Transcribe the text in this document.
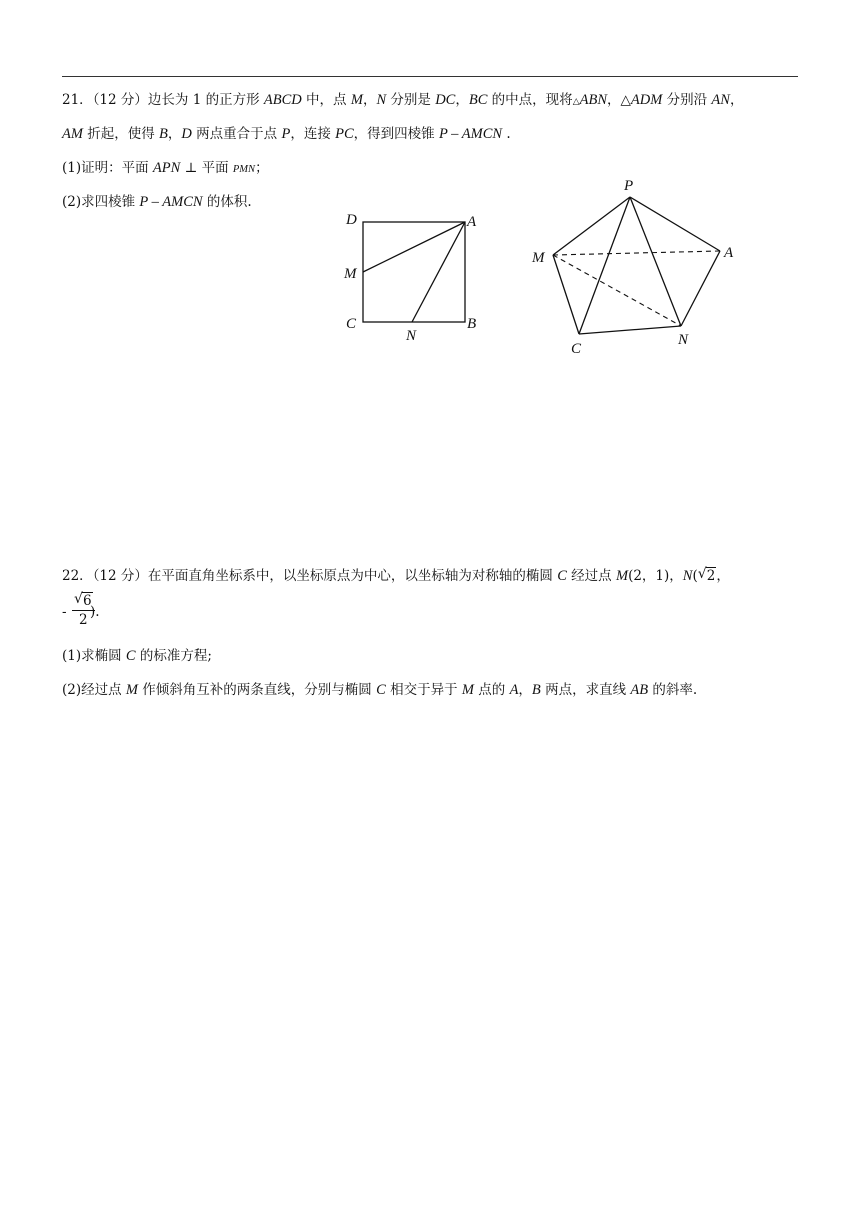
21．（12 分）边长为 1 的正方形 ABCD 中，点 M，N 分别是 DC，BC 的中点，现将△ABN，△ADM 分别沿 AN，
AM 折起，使得 B，D 两点重合于点 P，连接 PC，得到四棱锥 P – AMCN .
(1)证明：平面 APN ⊥ 平面 PMN；
(2)求四棱锥 P – AMCN 的体积.
D	A
M
C
N
B
P
M	A
C
N
22．（12 分）在平面直角坐标系中，以坐标原点为中心，以坐标轴为对称轴的椭圆 C 经过点 M(2，1)，N( √ 2，
- $\frac{√ 6}{2}$
).
(1)求椭圆 C 的标准方程;
(2)经过点 M 作倾斜角互补的两条直线，分别与椭圆 C 相交于异于 M 点的 A，B 两点，求直线 AB 的斜率.
